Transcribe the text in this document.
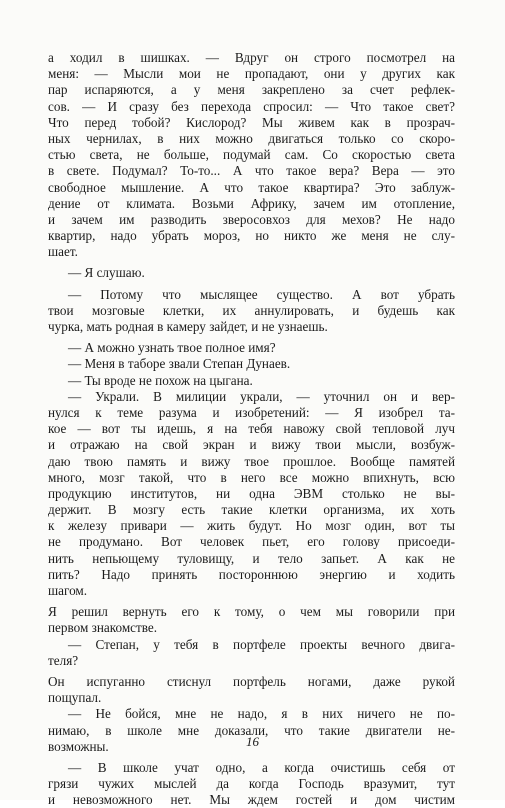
а ходил в шишках. — Вдруг он строго посмотрел на
меня: — Мысли мои не пропадают, они у других как
пар испаряются, а у меня закреплено за счет рефлек-
сов. — И сразу без перехода спросил: — Что такое свет?
Что перед тобой? Кислород? Мы живем как в прозрач-
ных чернилах, в них можно двигаться только со скоро-
стью света, не больше, подумай сам. Со скоростью света
в свете. Подумал? То-то... А что такое вера? Вера — это
свободное мышление. А что такое квартира? Это заблуж-
дение от климата. Возьми Африку, зачем им отопление,
и зачем им разводить зверосовхоз для мехов? Не надо
квартир, надо убрать мороз, но никто же меня не слу-
шает.
— Я слушаю.
— Потому что мыслящее существо. А вот убрать
твои мозговые клетки, их аннулировать, и будешь как
чурка, мать родная в камеру зайдет, и не узнаешь.
— А можно узнать твое полное имя?
— Меня в таборе звали Степан Дунаев.
— Ты вроде не похож на цыгана.
— Украли. В милиции украли, — уточнил он и вер-
нулся к теме разума и изобретений: — Я изобрел та-
кое — вот ты идешь, я на тебя навожу свой тепловой луч
и отражаю на свой экран и вижу твои мысли, возбуж-
даю твою память и вижу твое прошлое. Вообще памятей
много, мозг такой, что в него все можно впихнуть, всю
продукцию институтов, ни одна ЭВМ столько не вы-
держит. В мозгу есть такие клетки организма, их хоть
к железу привари — жить будут. Но мозг один, вот ты
не продумано. Вот человек пьет, его голову присоеди-
нить непьющему туловищу, и тело запьет. А как не
пить? Надо принять постороннюю энергию и ходить
шагом.
Я решил вернуть его к тому, о чем мы говорили при
первом знакомстве.
— Степан, у тебя в портфеле проекты вечного двига-
теля?
Он испуганно стиснул портфель ногами, даже рукой
пощупал.
— Не бойся, мне не надо, я в них ничего не по-
нимаю, в школе мне доказали, что такие двигатели не-
возможны.
— В школе учат одно, а когда очистишь себя от
грязи чужих мыслей да когда Господь вразумит, тут
и невозможного нет. Мы ждем гостей и дом чистим
16
